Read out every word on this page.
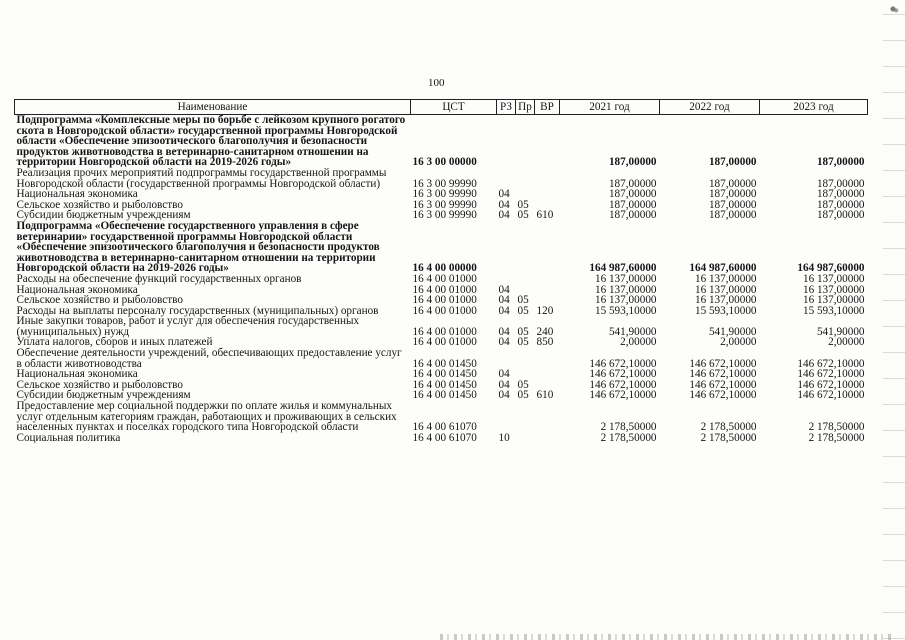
100
Наименование	ЦСТ	РЗ	Пр	ВР	2021 год	2022 год	2023 год
Подпрограмма «Комплексные меры по борьбе с лейкозом крупного рогатого скота в Новгородской области» государственной программы Новгородской области «Обеспечение эпизоотического благополучия и безопасности продуктов животноводства в ветеринарно-санитарном отношении на территории Новгородской области на 2019-2026 годы»	16 3 00 00000				187,00000	187,00000	187,00000
Реализация прочих мероприятий подпрограммы государственной программы Новгородской области (государственной программы Новгородской области)	16 3 00 99990				187,00000	187,00000	187,00000
Национальная экономика	16 3 00 99990	04			187,00000	187,00000	187,00000
Сельское хозяйство и рыболовство	16 3 00 99990	04	05		187,00000	187,00000	187,00000
Субсидии бюджетным учреждениям	16 3 00 99990	04	05	610	187,00000	187,00000	187,00000
Подпрограмма «Обеспечение государственного управления в сфере ветеринарии» государственной программы Новгородской области «Обеспечение эпизоотического благополучия и безопасности продуктов животноводства в ветеринарно-санитарном отношении на территории Новгородской области на 2019-2026 годы»	16 4 00 00000				164 987,60000	164 987,60000	164 987,60000
Расходы на обеспечение функций государственных органов	16 4 00 01000				16 137,00000	16 137,00000	16 137,00000
Национальная экономика	16 4 00 01000	04			16 137,00000	16 137,00000	16 137,00000
Сельское хозяйство и рыболовство	16 4 00 01000	04	05		16 137,00000	16 137,00000	16 137,00000
Расходы на выплаты персоналу государственных (муниципальных) органов	16 4 00 01000	04	05	120	15 593,10000	15 593,10000	15 593,10000
Иные закупки товаров, работ и услуг для обеспечения государственных (муниципальных) нужд	16 4 00 01000	04	05	240	541,90000	541,90000	541,90000
Уплата налогов, сборов и иных платежей	16 4 00 01000	04	05	850	2,00000	2,00000	2,00000
Обеспечение деятельности учреждений, обеспечивающих предоставление услуг в области животноводства	16 4 00 01450				146 672,10000	146 672,10000	146 672,10000
Национальная экономика	16 4 00 01450	04			146 672,10000	146 672,10000	146 672,10000
Сельское хозяйство и рыболовство	16 4 00 01450	04	05		146 672,10000	146 672,10000	146 672,10000
Субсидии бюджетным учреждениям	16 4 00 01450	04	05	610	146 672,10000	146 672,10000	146 672,10000
Предоставление мер социальной поддержки по оплате жилья и коммунальных услуг отдельным категориям граждан, работающих и проживающих в сельских населенных пунктах и поселках городского типа Новгородской области	16 4 00 61070				2 178,50000	2 178,50000	2 178,50000
Социальная политика	16 4 00 61070	10			2 178,50000	2 178,50000	2 178,50000
